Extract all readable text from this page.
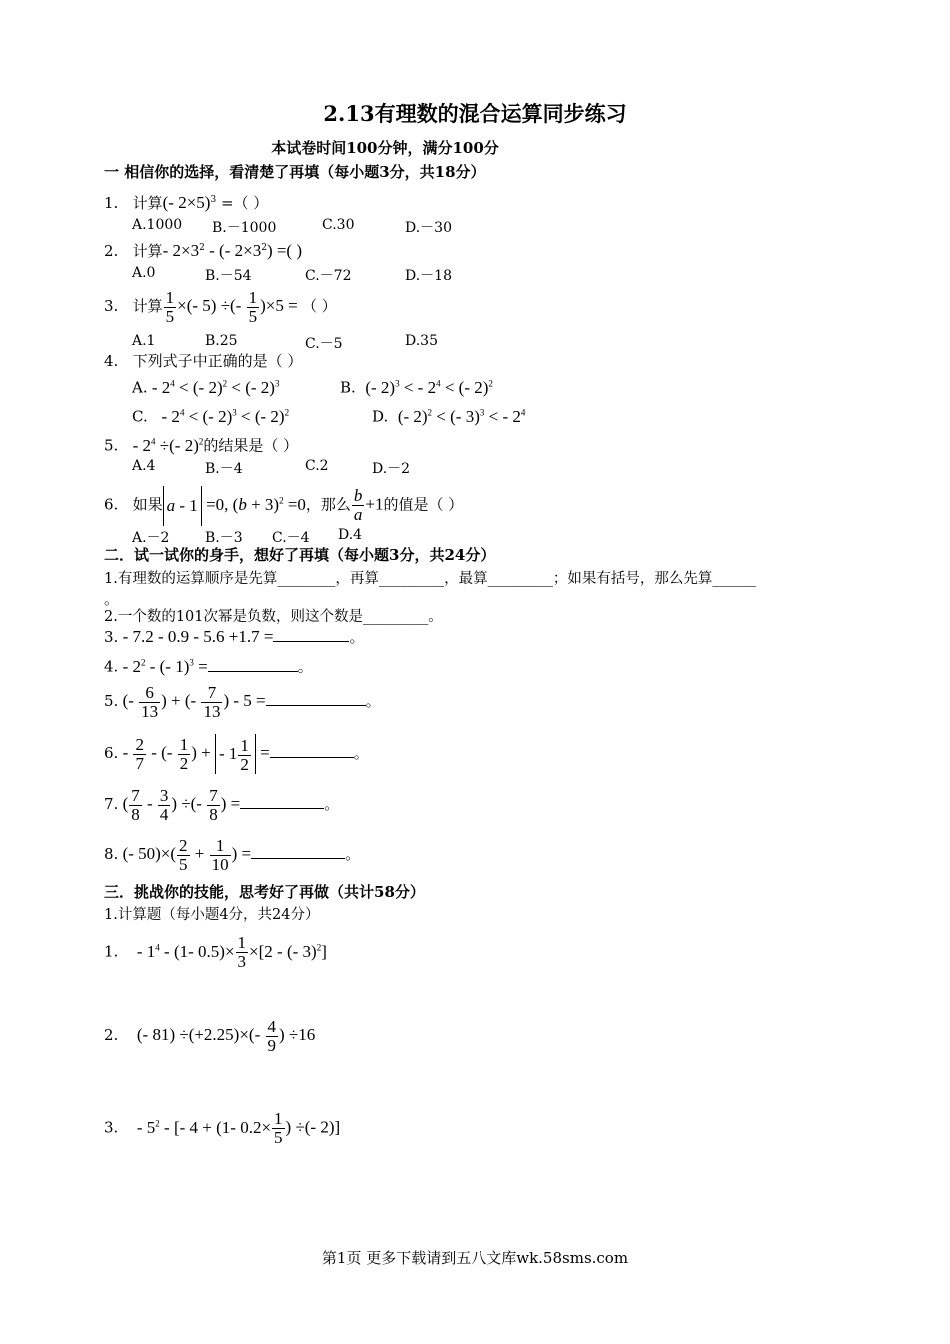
2.13有理数的混合运算同步练习
本试卷时间100分钟，满分100分
一 相信你的选择，看清楚了再填（每小题3分，共18分）
1. 计算(- 2×5)$^3$ =（ ）
A.1000 B.－1000	C.30	D.－30
2. 计算- $2\times 3^2$ - (- $2\times 3^2$) =( )
A.0	B.－54	C.－72	D.－18
3. 计算 $\frac{1}{5}$ ×(- 5) ÷(- $\frac{1}{5} )\times 5$ = （ ）
A.1	B.25	C.－5	D.35
4. 下列式子中正确的是（ ）
A. - $2^4$ < (- 2)$^2$ < (- 2)$^3$	B. (- 2)$^3$ < - $2^4$ < (- 2)$^2$
C.   - $2^4$ < (- 2)$^3$ < (- 2)$^2$	D. (- 2)$^2$ < (- 3)$^3$ < - $2^4$
5.   - $2^4$ ÷(- 2)$^2$的结果是（ ）
A.4	B.－4	C.2	D.－2
6. 如果 a - 1 =0, $(b + 3)^2 =0$，那么 $\frac{b}{a} +1$的值是（ ）
A.－2	B.－3 C.－4 D.4
二．试一试你的身手，想好了再填（每小题3分，共24分）
1.有理数的运算顺序是先算________，再算_________，最算_________；如果有括号，那么先算______
。
2.一个数的101次幂是负数，则这个数是_________。
3. - 7.2 - 0.9 - 5.6 +1.7 =	。
4. - $2^2$ - (- 1)$^3$ =	。
5. (- $\frac{6}{13}$ ) + (- $\frac{7}{13}$ ) - 5 =	。
6. - $\frac{2}{7}$ - (- $\frac{1}{2}$ ) + - $1 \frac{1}{2}$ =	。
7. ( $\frac{7}{8} - \frac{3}{4}$ ) ÷(- $\frac{7}{8}$ ) =	。
8. (- $50)\times( \frac{2}{5} + \frac{1}{10}$ ) =	。
三．挑战你的技能，思考好了再做（共计58分）
1.计算题（每小题4分，共24分）
1.    - $1^4 - (1-$ $0.5)\times \frac{1}{3} \times[2$ - (- 3)$^2$]
2.    (- $81) \div(+2.25)\times(- \frac{4}{9}$ ) ÷16
3.    - $5^2$ - [- 4 + (1- $0.2\times \frac{1}{5}$ ) ÷(- 2)]
第1页 更多下载请到五八文库wk.58sms.com
